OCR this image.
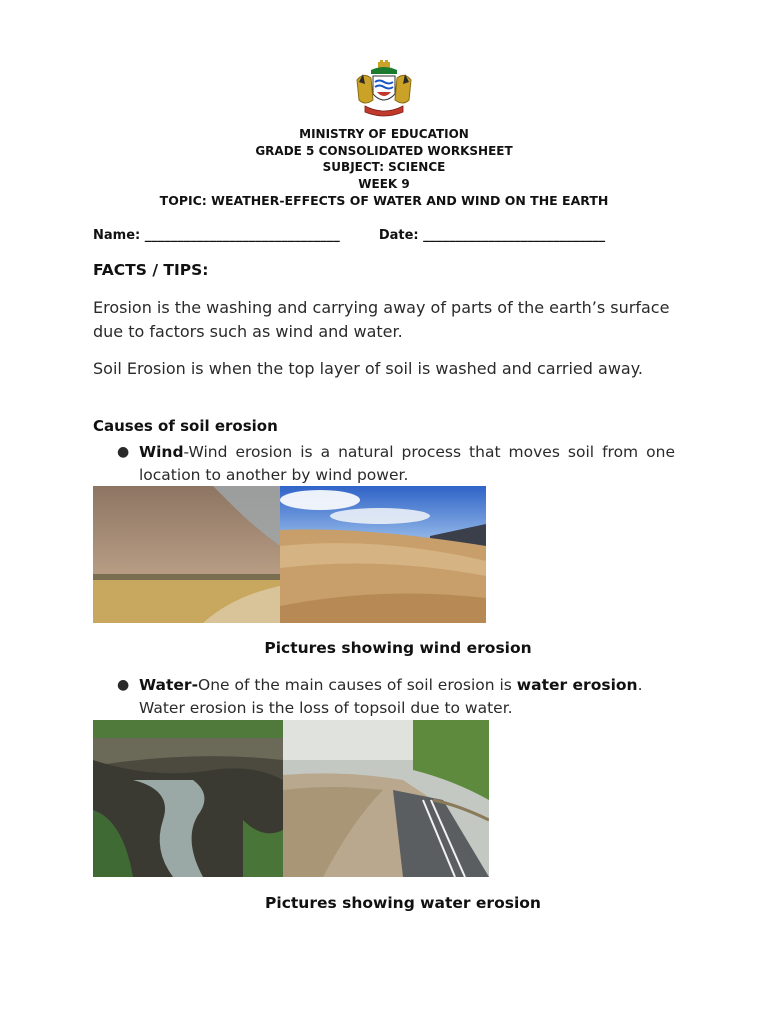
MINISTRY OF EDUCATION
GRADE 5 CONSOLIDATED WORKSHEET
SUBJECT: SCIENCE
WEEK 9
TOPIC: WEATHER-EFFECTS OF WATER AND WIND ON THE EARTH
Name: ______________________________	Date: ____________________________
FACTS / TIPS:
Erosion is the washing and carrying away of parts of the earth’s surface due to factors such as wind and water.
Soil Erosion is when the top layer of soil is washed and carried away.
Causes of soil erosion
● Wind-Wind erosion is a natural process that moves soil from one location to another by wind power.
Pictures showing wind erosion
● Water-One of the main causes of soil erosion is water erosion. Water erosion is the loss of topsoil due to water.
Pictures showing water erosion
